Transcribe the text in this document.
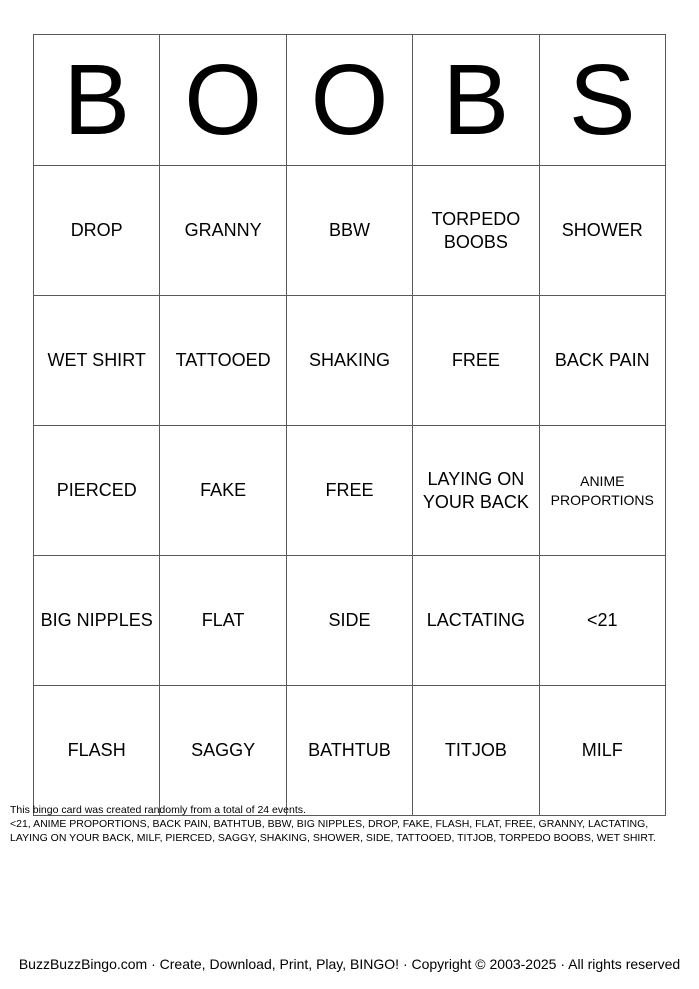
B	O	O	B	S
DROP	GRANNY	BBW	TORPEDO BOOBS	SHOWER
WET SHIRT	TATTOOED	SHAKING	FREE	BACK PAIN
PIERCED	FAKE	FREE	LAYING ON YOUR BACK	ANIME PROPORTIONS
BIG NIPPLES	FLAT	SIDE	LACTATING	<21
FLASH	SAGGY	BATHTUB	TITJOB	MILF
This bingo card was created randomly from a total of 24 events.
<21, ANIME PROPORTIONS, BACK PAIN, BATHTUB, BBW, BIG NIPPLES, DROP, FAKE, FLASH, FLAT, FREE, GRANNY, LACTATING, LAYING ON YOUR BACK, MILF, PIERCED, SAGGY, SHAKING, SHOWER, SIDE, TATTOOED, TITJOB, TORPEDO BOOBS, WET SHIRT.
BuzzBuzzBingo.com · Create, Download, Print, Play, BINGO! · Copyright © 2003-2025 · All rights reserved
